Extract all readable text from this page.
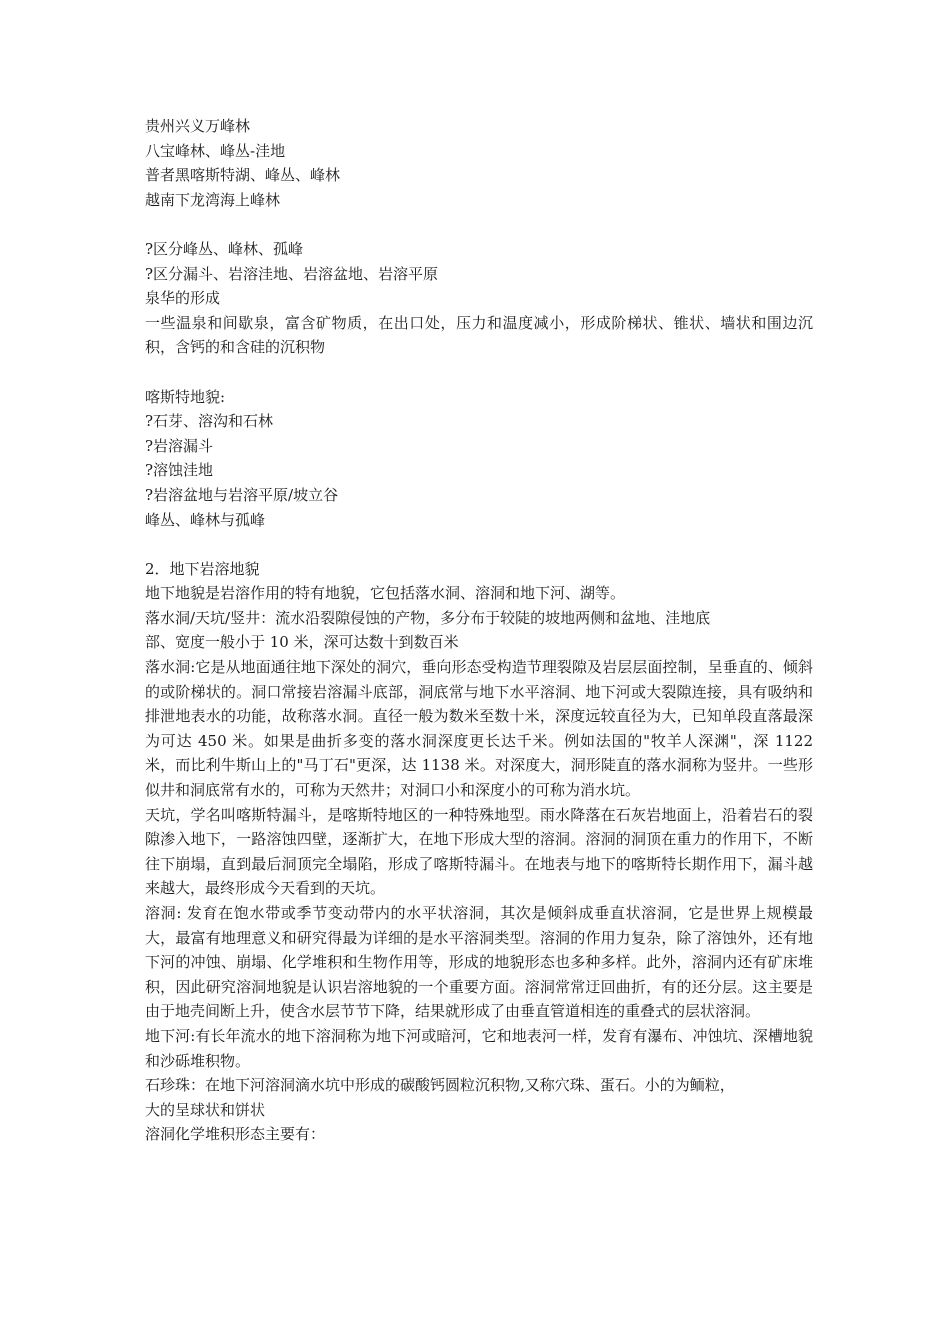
贵州兴义万峰林

八宝峰林、峰丛-洼地

普者黑喀斯特湖、峰丛、峰林

越南下龙湾海上峰林

?区分峰丛、峰林、孤峰

?区分漏斗、岩溶洼地、岩溶盆地、岩溶平原

泉华的形成

一些温泉和间歇泉，富含矿物质，在出口处，压力和温度减小，形成阶梯状、锥状、墙状和围边沉积，含钙的和含硅的沉积物

喀斯特地貌:

?石芽、溶沟和石林

?岩溶漏斗

?溶蚀洼地

?岩溶盆地与岩溶平原/坡立谷

峰丛、峰林与孤峰

2．地下岩溶地貌

地下地貌是岩溶作用的特有地貌，它包括落水洞、溶洞和地下河、湖等。

落水洞/天坑/竖井：流水沿裂隙侵蚀的产物，多分布于较陡的坡地两侧和盆地、洼地底

部、宽度一般小于 10 米，深可达数十到数百米

落水洞:它是从地面通往地下深处的洞穴，垂向形态受构造节理裂隙及岩层层面控制，呈垂直的、倾斜的或阶梯状的。洞口常接岩溶漏斗底部，洞底常与地下水平溶洞、地下河或大裂隙连接，具有吸纳和排泄地表水的功能，故称落水洞。直径一般为数米至数十米，深度远较直径为大，已知单段直落最深为可达 450 米。如果是曲折多变的落水洞深度更长达千米。例如法国的"牧羊人深渊"，深 1122 米，而比利牛斯山上的"马丁石"更深，达 1138 米。对深度大，洞形陡直的落水洞称为竖井。一些形似井和洞底常有水的，可称为天然井；对洞口小和深度小的可称为消水坑。

天坑，学名叫喀斯特漏斗，是喀斯特地区的一种特殊地型。雨水降落在石灰岩地面上，沿着岩石的裂隙渗入地下，一路溶蚀四壁，逐渐扩大，在地下形成大型的溶洞。溶洞的洞顶在重力的作用下，不断往下崩塌，直到最后洞顶完全塌陷，形成了喀斯特漏斗。在地表与地下的喀斯特长期作用下，漏斗越来越大，最终形成今天看到的天坑。

溶洞: 发育在饱水带或季节变动带内的水平状溶洞，其次是倾斜成垂直状溶洞，它是世界上规模最大，最富有地理意义和研究得最为详细的是水平溶洞类型。溶洞的作用力复杂，除了溶蚀外，还有地下河的冲蚀、崩塌、化学堆积和生物作用等，形成的地貌形态也多种多样。此外，溶洞内还有矿床堆积，因此研究溶洞地貌是认识岩溶地貌的一个重要方面。溶洞常常迂回曲折，有的还分层。这主要是由于地壳间断上升，使含水层节节下降，结果就形成了由垂直管道相连的重叠式的层状溶洞。

地下河:有长年流水的地下溶洞称为地下河或暗河，它和地表河一样，发育有瀑布、冲蚀坑、深槽地貌和沙砾堆积物。

石珍珠：在地下河溶洞滴水坑中形成的碳酸钙圆粒沉积物,又称穴珠、蛋石。小的为鲕粒，

大的呈球状和饼状

溶洞化学堆积形态主要有：
